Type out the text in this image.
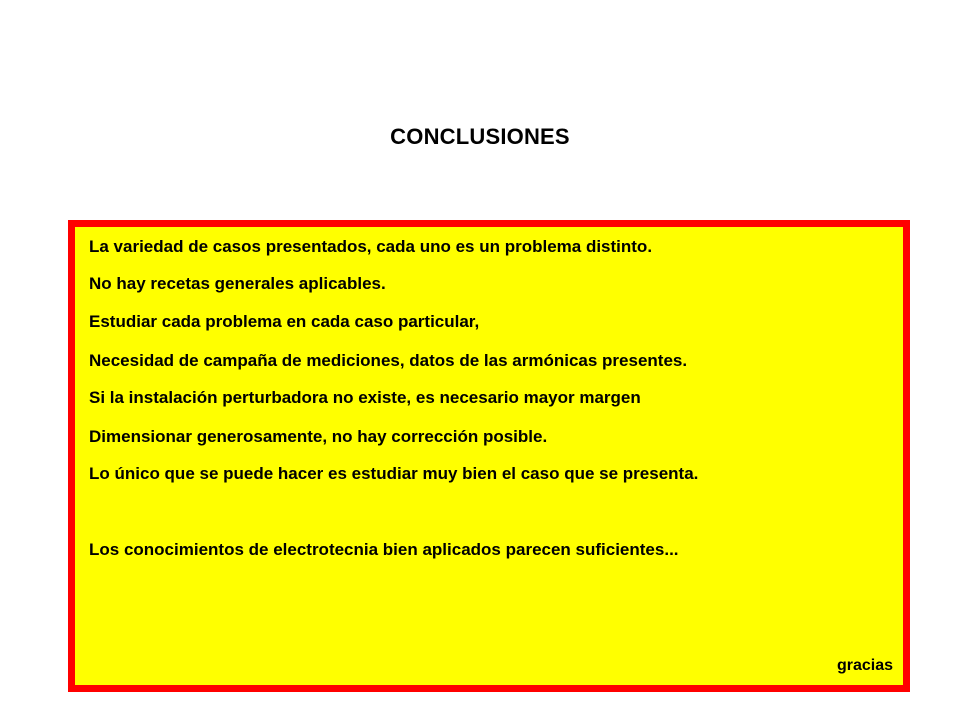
CONCLUSIONES
La variedad de casos presentados, cada uno es un problema distinto.
No hay recetas generales aplicables.
Estudiar cada problema en cada caso particular,
Necesidad de campaña de mediciones, datos de las armónicas presentes.
Si la instalación perturbadora no existe, es necesario mayor margen
Dimensionar generosamente, no hay corrección posible.
Lo único que se puede hacer es estudiar muy bien el caso que se presenta.
Los conocimientos de electrotecnia bien aplicados parecen suficientes...
gracias
